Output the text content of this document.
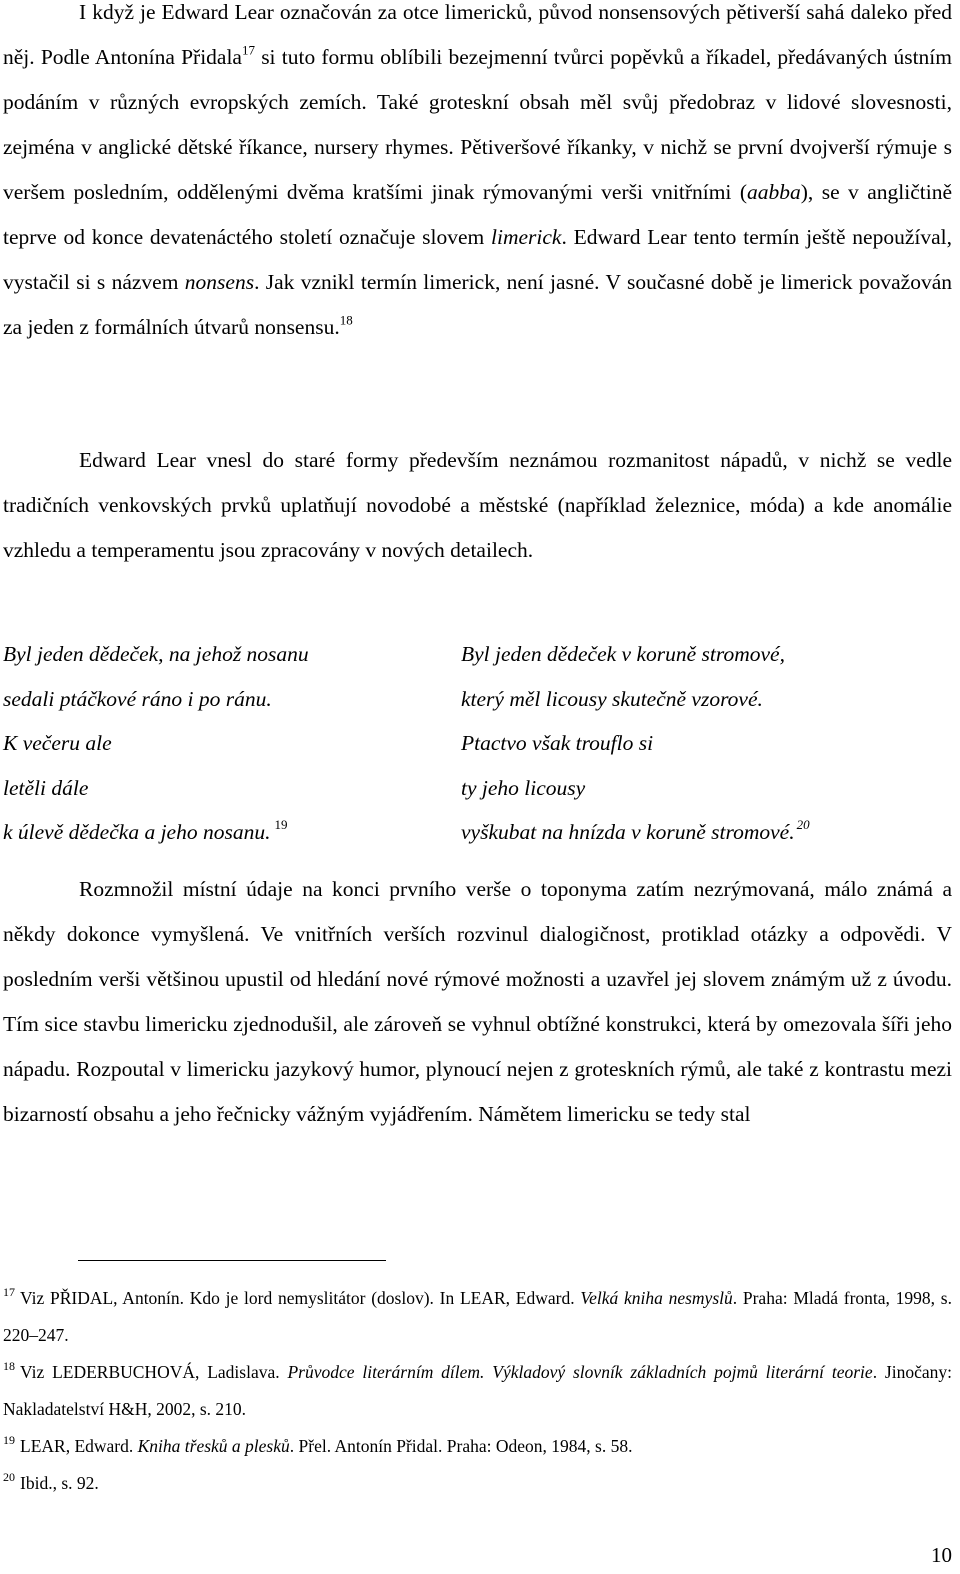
I když je Edward Lear označován za otce limericků, původ nonsensových pětiverší sahá daleko před něj. Podle Antonína Přidala$^{17}$ si tuto formu oblíbili bezejmenní tvůrci popěvků a říkadel, předávaných ústním podáním v různých evropských zemích. Také groteskní obsah měl svůj předobraz v lidové slovesnosti, zejména v anglické dětské říkance, nursery rhymes. Pětiveršové říkanky, v nichž se první dvojverší rýmuje s veršem posledním, oddělenými dvěma kratšími jinak rýmovanými verši vnitřními (aabba), se v angličtině teprve od konce devatenáctého století označuje slovem limerick. Edward Lear tento termín ještě nepoužíval, vystačil si s názvem nonsens. Jak vznikl termín limerick, není jasné. V současné době je limerick považován za jeden z formálních útvarů nonsensu.$^{18}$

Edward Lear vnesl do staré formy především neznámou rozmanitost nápadů, v nichž se vedle tradičních venkovských prvků uplatňují novodobé a městské (například železnice, móda) a kde anomálie vzhledu a temperamentu jsou zpracovány v nových detailech.

Byl jeden dědeček, na jehož nosanu
sedali ptáčkové ráno i po ránu.
K večeru ale
letěli dále
k úlevě dědečka a jeho nosanu. $^{19}$
Byl jeden dědeček v koruně stromové,
který měl licousy skutečně vzorové.
Ptactvo však trouflo si
ty jeho licousy
vyškubat na hnízda v koruně stromové. $^{20}$

Rozmnožil místní údaje na konci prvního verše o toponyma zatím nezrýmovaná, málo známá a někdy dokonce vymyšlená. Ve vnitřních verších rozvinul dialogičnost, protiklad otázky a odpovědi. V posledním verši většinou upustil od hledání nové rýmové možnosti a uzavřel jej slovem známým už z úvodu. Tím sice stavbu limericku zjednodušil, ale zároveň se vyhnul obtížné konstrukci, která by omezovala šíři jeho nápadu. Rozpoutal v limericku jazykový humor, plynoucí nejen z groteskních rýmů, ale také z kontrastu mezi bizarností obsahu a jeho řečnicky vážným vyjádřením. Námětem limericku se tedy stal

$^{17}$ Viz PŘIDAL, Antonín. Kdo je lord nemyslitátor (doslov). In LEAR, Edward. Velká kniha nesmyslů. Praha: Mladá fronta, 1998, s. 220–247.

$^{18}$ Viz LEDERBUCHOVÁ, Ladislava. Průvodce literárním dílem. Výkladový slovník základních pojmů literární teorie. Jinočany: Nakladatelství H&H, 2002, s. 210.

$^{19}$ LEAR, Edward. Kniha třesků a plesků. Přel. Antonín Přidal. Praha: Odeon, 1984, s. 58.

$^{20}$ Ibid., s. 92.

10
